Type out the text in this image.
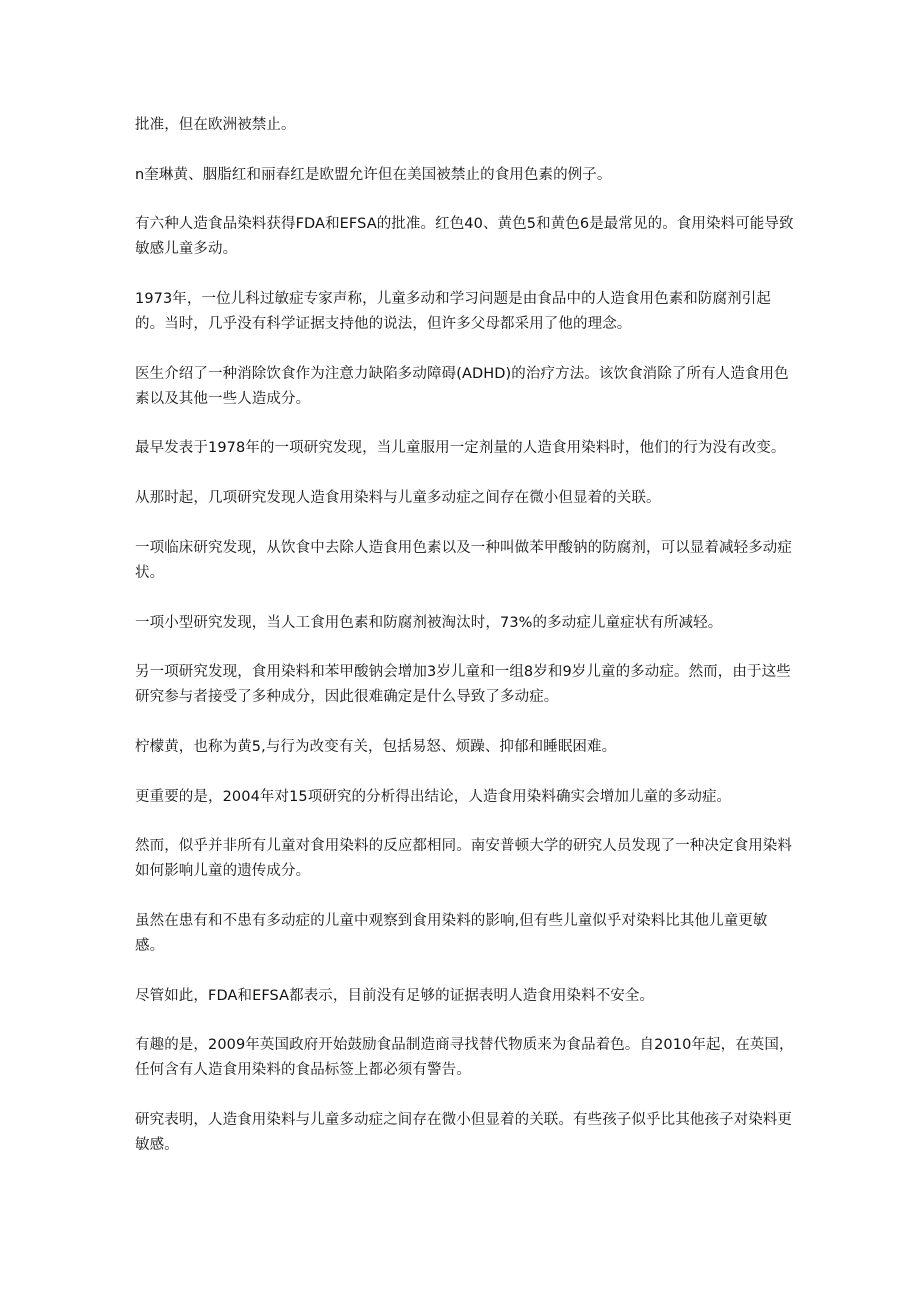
批准，但在欧洲被禁止。

n奎琳黄、胭脂红和丽春红是欧盟允许但在美国被禁止的食用色素的例子。

有六种人造食品染料获得FDA和EFSA的批准。红色40、黄色5和黄色6是最常见的。食用染料可能导致敏感儿童多动。

1973年，一位儿科过敏症专家声称，儿童多动和学习问题是由食品中的人造食用色素和防腐剂引起的。当时，几乎没有科学证据支持他的说法，但许多父母都采用了他的理念。

医生介绍了一种消除饮食作为注意力缺陷多动障碍(ADHD)的治疗方法。该饮食消除了所有人造食用色素以及其他一些人造成分。

最早发表于1978年的一项研究发现，当儿童服用一定剂量的人造食用染料时，他们的行为没有改变。

从那时起，几项研究发现人造食用染料与儿童多动症之间存在微小但显着的关联。

一项临床研究发现，从饮食中去除人造食用色素以及一种叫做苯甲酸钠的防腐剂，可以显着减轻多动症状。

一项小型研究发现，当人工食用色素和防腐剂被淘汰时，73%的多动症儿童症状有所减轻。

另一项研究发现，食用染料和苯甲酸钠会增加3岁儿童和一组8岁和9岁儿童的多动症。然而，由于这些研究参与者接受了多种成分，因此很难确定是什么导致了多动症。

柠檬黄，也称为黄5,与行为改变有关，包括易怒、烦躁、抑郁和睡眠困难。

更重要的是，2004年对15项研究的分析得出结论，人造食用染料确实会增加儿童的多动症。

然而，似乎并非所有儿童对食用染料的反应都相同。南安普顿大学的研究人员发现了一种决定食用染料如何影响儿童的遗传成分。

虽然在患有和不患有多动症的儿童中观察到食用染料的影响,但有些儿童似乎对染料比其他儿童更敏感。

尽管如此，FDA和EFSA都表示，目前没有足够的证据表明人造食用染料不安全。

有趣的是，2009年英国政府开始鼓励食品制造商寻找替代物质来为食品着色。自2010年起，在英国，任何含有人造食用染料的食品标签上都必须有警告。

研究表明，人造食用染料与儿童多动症之间存在微小但显着的关联。有些孩子似乎比其他孩子对染料更敏感。
